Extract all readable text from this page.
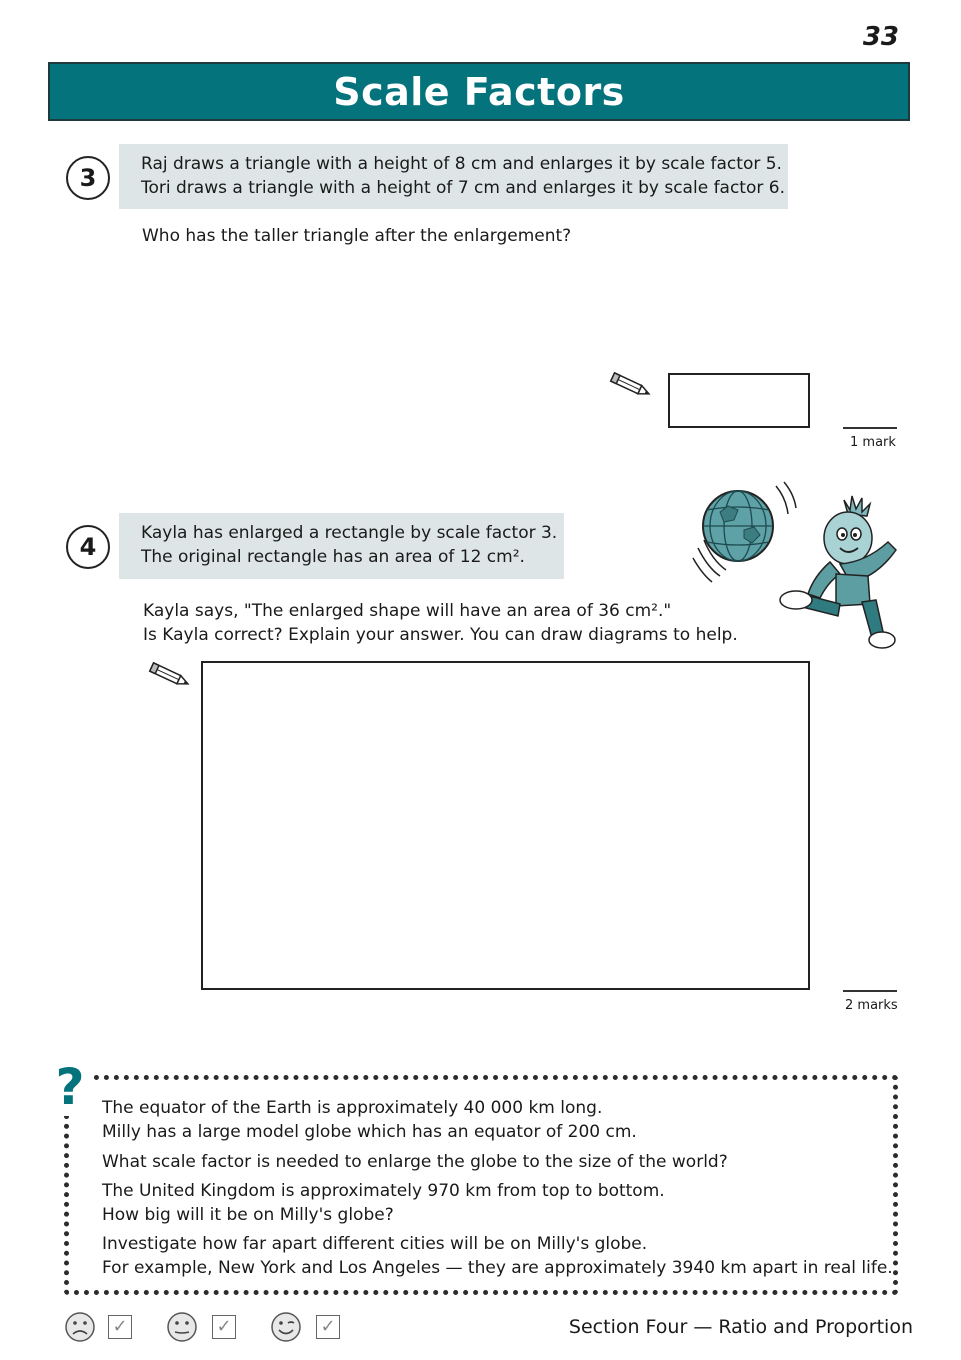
33
Scale Factors
3	Raj draws a triangle with a height of 8 cm and enlarges it by scale factor 5.
Tori draws a triangle with a height of 7 cm and enlarges it by scale factor 6.
Who has the taller triangle after the enlargement?
1 mark
4	Kayla has enlarged a rectangle by scale factor 3.
The original rectangle has an area of 12 cm².
Kayla says, "The enlarged shape will have an area of 36 cm²."
Is Kayla correct? Explain your answer. You can draw diagrams to help.
2 marks
?	The equator of the Earth is approximately 40 000 km long.
Milly has a large model globe which has an equator of 200 cm.
What scale factor is needed to enlarge the globe to the size of the world?
The United Kingdom is approximately 970 km from top to bottom.
How big will it be on Milly's globe?
Investigate how far apart different cities will be on Milly's globe.
For example, New York and Los Angeles — they are approximately 3940 km apart in real life.
✓	✓	✓	Section Four — Ratio and Proportion
